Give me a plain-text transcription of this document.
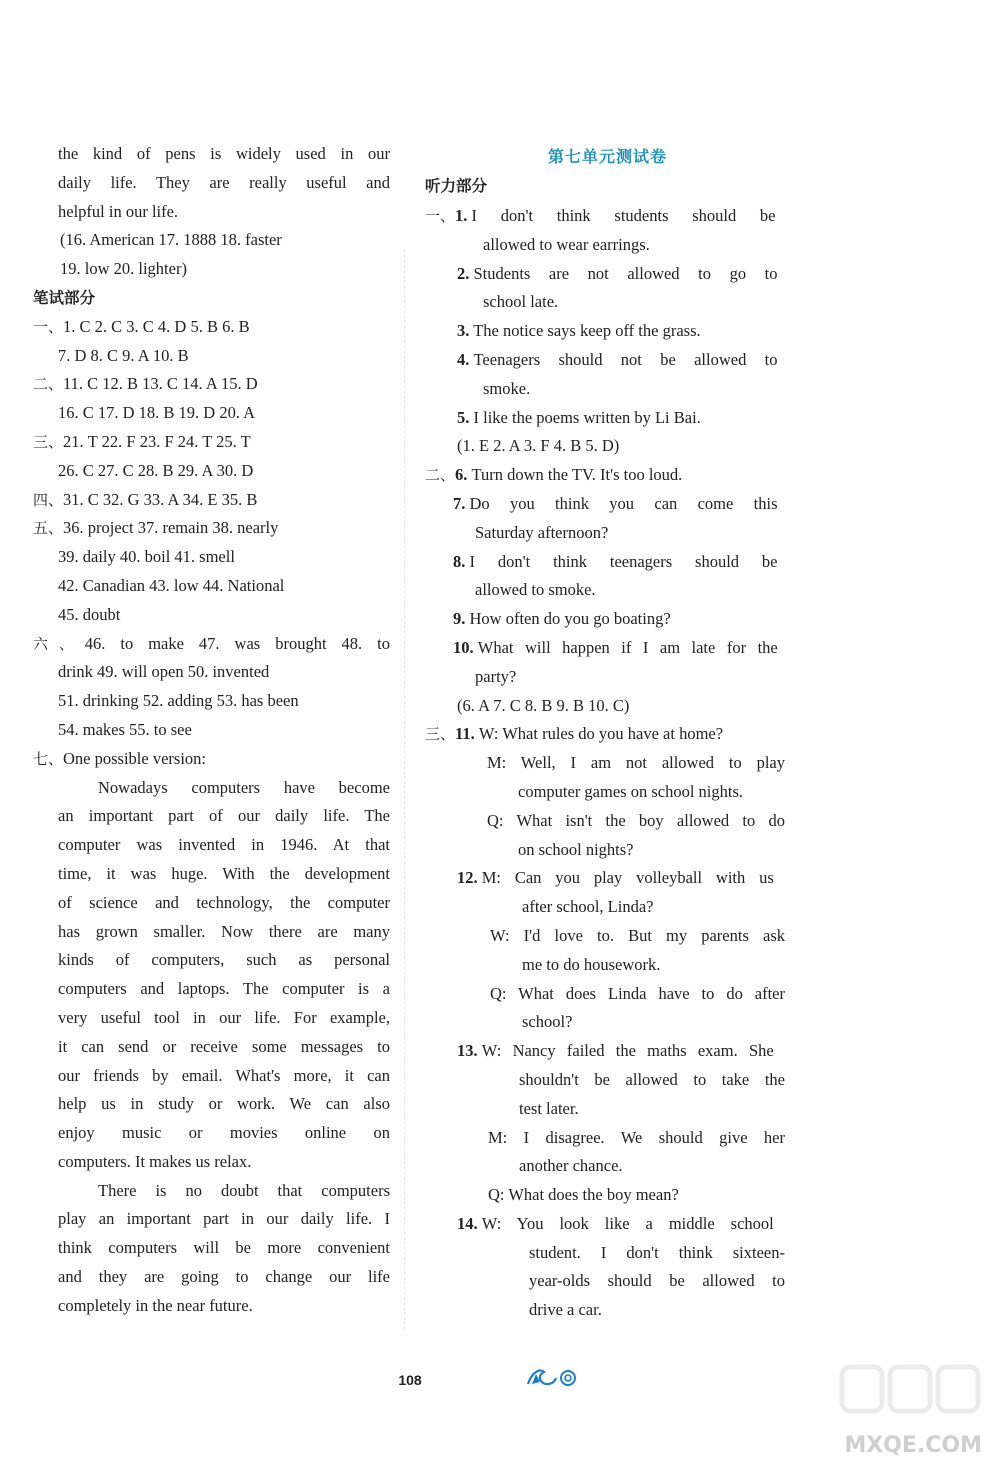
the kind of pens is widely used in our
daily life. They are really useful and
helpful in our life.
(16. American 17. 1888 18. faster
19. low 20. lighter)
笔试部分
一、1. C 2. C 3. C 4. D 5. B 6. B
7. D 8. C 9. A 10. B
二、11. C 12. B 13. C 14. A 15. D
16. C 17. D 18. B 19. D 20. A
三、21. T 22. F 23. F 24. T 25. T
26. C 27. C 28. B 29. A 30. D
四、31. C 32. G 33. A 34. E 35. B
五、36. project 37. remain 38. nearly
39. daily 40. boil 41. smell
42. Canadian 43. low 44. National
45. doubt
六、46. to make 47. was brought 48. to
drink 49. will open 50. invented
51. drinking 52. adding 53. has been
54. makes 55. to see
七、One possible version:
Nowadays computers have become
an important part of our daily life. The
computer was invented in 1946. At that
time, it was huge. With the development
of science and technology, the computer
has grown smaller. Now there are many
kinds of computers, such as personal
computers and laptops. The computer is a
very useful tool in our life. For example,
it can send or receive some messages to
our friends by email. What's more, it can
help us in study or work. We can also
enjoy music or movies online on
computers. It makes us relax.
There is no doubt that computers
play an important part in our daily life. I
think computers will be more convenient
and they are going to change our life
completely in the near future.
第七单元测试卷
听力部分
一、1. I don't think students should be
allowed to wear earrings.
2. Students are not allowed to go to
school late.
3. The notice says keep off the grass.
4. Teenagers should not be allowed to
smoke.
5. I like the poems written by Li Bai.
(1. E 2. A 3. F 4. B 5. D)
二、6. Turn down the TV. It's too loud.
7. Do you think you can come this
Saturday afternoon?
8. I don't think teenagers should be
allowed to smoke.
9. How often do you go boating?
10. What will happen if I am late for the
party?
(6. A 7. C 8. B 9. B 10. C)
三、11. W: What rules do you have at home?
M: Well, I am not allowed to play
computer games on school nights.
Q: What isn't the boy allowed to do
on school nights?
12. M: Can you play volleyball with us
after school, Linda?
W: I'd love to. But my parents ask
me to do housework.
Q: What does Linda have to do after
school?
13. W: Nancy failed the maths exam. She
shouldn't be allowed to take the
test later.
M: I disagree. We should give her
another chance.
Q: What does the boy mean?
14. W: You look like a middle school
student. I don't think sixteen-
year-olds should be allowed to
drive a car.
108
MXQE.COM
